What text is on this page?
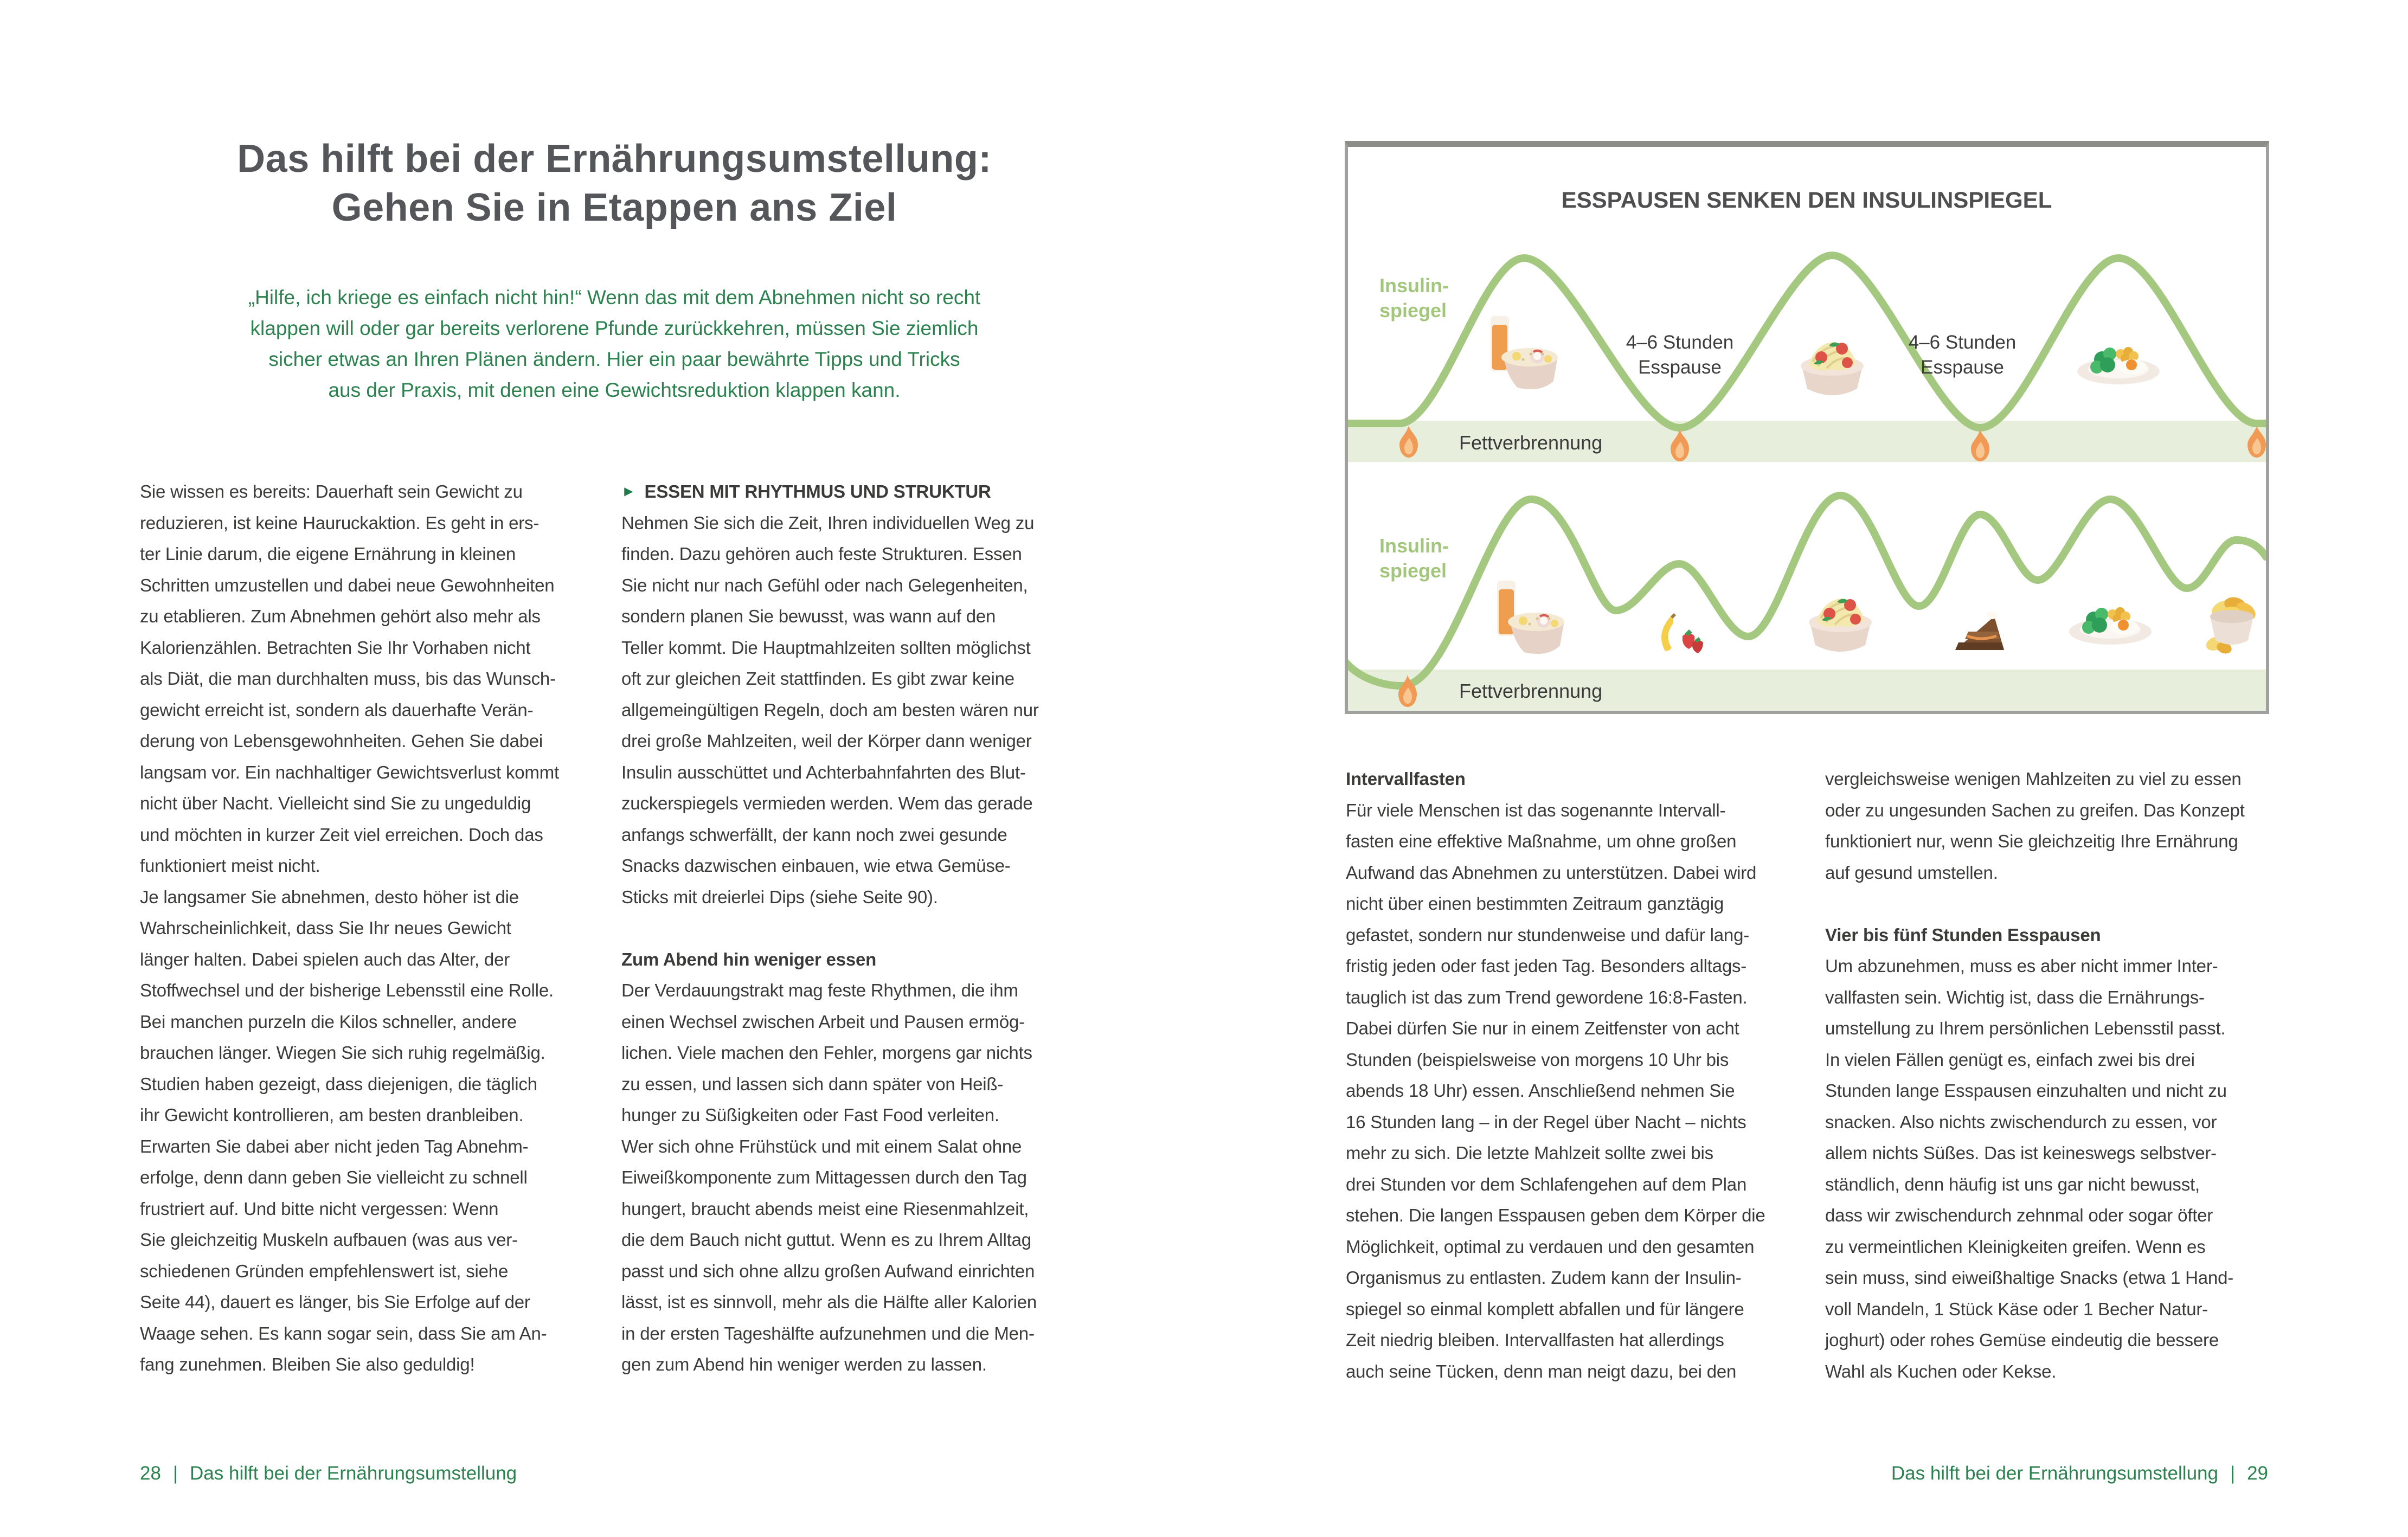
Das hilft bei der Ernährungsumstellung:
Gehen Sie in Etappen ans Ziel
„Hilfe, ich kriege es einfach nicht hin!“ Wenn das mit dem Abnehmen nicht so recht
klappen will oder gar bereits verlorene Pfunde zurückkehren, müssen Sie ziemlich
sicher etwas an Ihren Plänen ändern. Hier ein paar bewährte Tipps und Tricks
aus der Praxis, mit denen eine Gewichtsreduktion klappen kann.
Sie wissen es bereits: Dauerhaft sein Gewicht zu
reduzieren, ist keine Hauruckaktion. Es geht in ers-
ter Linie darum, die eigene Ernährung in kleinen
Schritten umzustellen und dabei neue Gewohnheiten
zu etablieren. Zum Abnehmen gehört also mehr als
Kalorienzählen. Betrachten Sie Ihr Vorhaben nicht
als Diät, die man durchhalten muss, bis das Wunsch-
gewicht erreicht ist, sondern als dauerhafte Verän-
derung von Lebensgewohnheiten. Gehen Sie dabei
langsam vor. Ein nachhaltiger Gewichtsverlust kommt
nicht über Nacht. Vielleicht sind Sie zu ungeduldig
und möchten in kurzer Zeit viel erreichen. Doch das
funktioniert meist nicht.
Je langsamer Sie abnehmen, desto höher ist die
Wahrscheinlichkeit, dass Sie Ihr neues Gewicht
länger halten. Dabei spielen auch das Alter, der
Stoffwechsel und der bisherige Lebensstil eine Rolle.
Bei manchen purzeln die Kilos schneller, andere
brauchen länger. Wiegen Sie sich ruhig regelmäßig.
Studien haben gezeigt, dass diejenigen, die täglich
ihr Gewicht kontrollieren, am besten dranbleiben.
Erwarten Sie dabei aber nicht jeden Tag Abnehm-
erfolge, denn dann geben Sie vielleicht zu schnell
frustriert auf. Und bitte nicht vergessen: Wenn
Sie gleichzeitig Muskeln aufbauen (was aus ver-
schiedenen Gründen empfehlenswert ist, siehe
Seite 44), dauert es länger, bis Sie Erfolge auf der
Waage sehen. Es kann sogar sein, dass Sie am An-
fang zunehmen. Bleiben Sie also geduldig!
► ESSEN MIT RHYTHMUS UND STRUKTUR
Nehmen Sie sich die Zeit, Ihren individuellen Weg zu
finden. Dazu gehören auch feste Strukturen. Essen
Sie nicht nur nach Gefühl oder nach Gelegenheiten,
sondern planen Sie bewusst, was wann auf den
Teller kommt. Die Hauptmahlzeiten sollten möglichst
oft zur gleichen Zeit stattfinden. Es gibt zwar keine
allgemeingültigen Regeln, doch am besten wären nur
drei große Mahlzeiten, weil der Körper dann weniger
Insulin ausschüttet und Achterbahnfahrten des Blut-
zuckerspiegels vermieden werden. Wem das gerade
anfangs schwerfällt, der kann noch zwei gesunde
Snacks dazwischen einbauen, wie etwa Gemüse-
Sticks mit dreierlei Dips (siehe Seite 90).
Zum Abend hin weniger essen
Der Verdauungstrakt mag feste Rhythmen, die ihm
einen Wechsel zwischen Arbeit und Pausen ermög-
lichen. Viele machen den Fehler, morgens gar nichts
zu essen, und lassen sich dann später von Heiß-
hunger zu Süßigkeiten oder Fast Food verleiten.
Wer sich ohne Frühstück und mit einem Salat ohne
Eiweißkomponente zum Mittagessen durch den Tag
hungert, braucht abends meist eine Riesenmahlzeit,
die dem Bauch nicht guttut. Wenn es zu Ihrem Alltag
passt und sich ohne allzu großen Aufwand einrichten
lässt, ist es sinnvoll, mehr als die Hälfte aller Kalorien
in der ersten Tageshälfte aufzunehmen und die Men-
gen zum Abend hin weniger werden zu lassen.
28 | Das hilft bei der Ernährungsumstellung
ESSPAUSEN SENKEN DEN INSULINSPIEGEL
Insulin-
spiegel
4–6 Stunden
Esspause
4–6 Stunden
Esspause
Fettverbrennung
Insulin-
spiegel
Fettverbrennung
Intervallfasten
Für viele Menschen ist das sogenannte Intervall-
fasten eine effektive Maßnahme, um ohne großen
Aufwand das Abnehmen zu unterstützen. Dabei wird
nicht über einen bestimmten Zeitraum ganztägig
gefastet, sondern nur stundenweise und dafür lang-
fristig jeden oder fast jeden Tag. Besonders alltags-
tauglich ist das zum Trend gewordene 16:8-Fasten.
Dabei dürfen Sie nur in einem Zeitfenster von acht
Stunden (beispielsweise von morgens 10 Uhr bis
abends 18 Uhr) essen. Anschließend nehmen Sie
16 Stunden lang – in der Regel über Nacht – nichts
mehr zu sich. Die letzte Mahlzeit sollte zwei bis
drei Stunden vor dem Schlafengehen auf dem Plan
stehen. Die langen Esspausen geben dem Körper die
Möglichkeit, optimal zu verdauen und den gesamten
Organismus zu entlasten. Zudem kann der Insulin-
spiegel so einmal komplett abfallen und für längere
Zeit niedrig bleiben. Intervallfasten hat allerdings
auch seine Tücken, denn man neigt dazu, bei den
vergleichsweise wenigen Mahlzeiten zu viel zu essen
oder zu ungesunden Sachen zu greifen. Das Konzept
funktioniert nur, wenn Sie gleichzeitig Ihre Ernährung
auf gesund umstellen.
Vier bis fünf Stunden Esspausen
Um abzunehmen, muss es aber nicht immer Inter-
vallfasten sein. Wichtig ist, dass die Ernährungs-
umstellung zu Ihrem persönlichen Lebensstil passt.
In vielen Fällen genügt es, einfach zwei bis drei
Stunden lange Esspausen einzuhalten und nicht zu
snacken. Also nichts zwischendurch zu essen, vor
allem nichts Süßes. Das ist keineswegs selbstver-
ständlich, denn häufig ist uns gar nicht bewusst,
dass wir zwischendurch zehnmal oder sogar öfter
zu vermeintlichen Kleinigkeiten greifen. Wenn es
sein muss, sind eiweißhaltige Snacks (etwa 1 Hand-
voll Mandeln, 1 Stück Käse oder 1 Becher Natur-
joghurt) oder rohes Gemüse eindeutig die bessere
Wahl als Kuchen oder Kekse.
Das hilft bei der Ernährungsumstellung | 29
